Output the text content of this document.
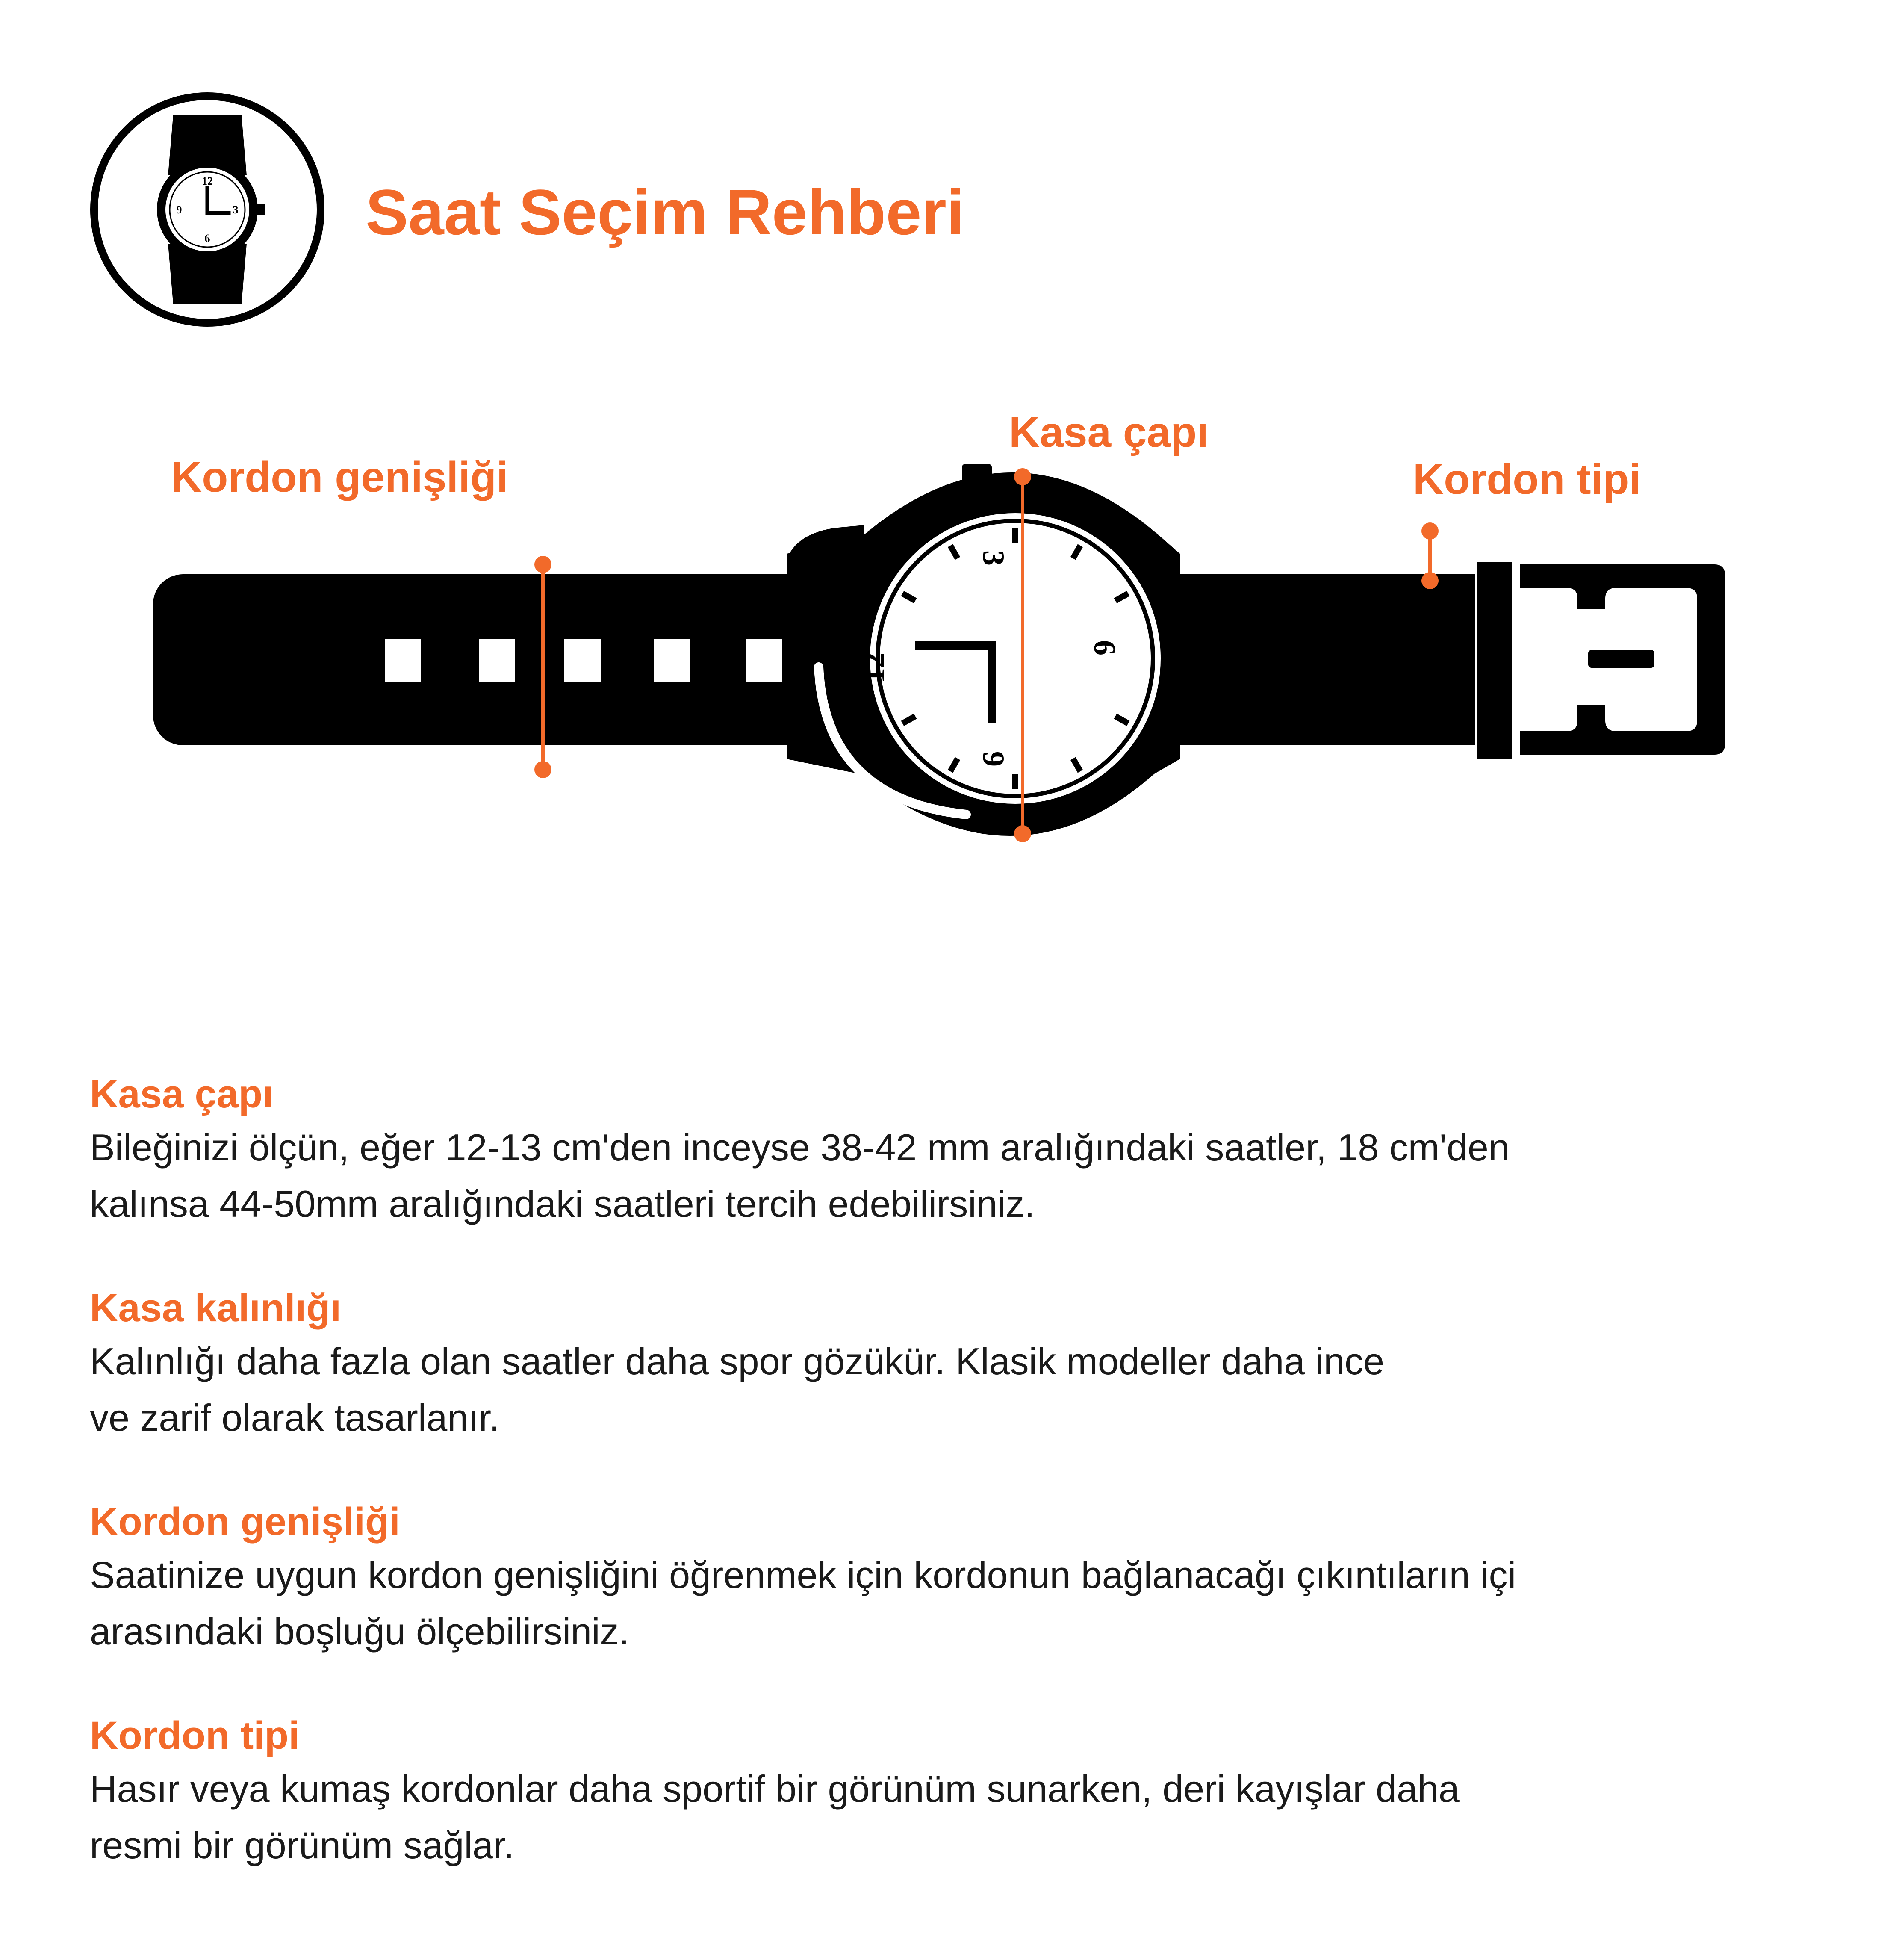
12
3
6
9	Saat Seçim Rehberi
12
3
6
9
Kordon genişliği
Kasa çapı
Kordon tipi
Kasa çapı

Bileğinizi ölçün, eğer 12-13 cm'den inceyse 38-42 mm aralığındaki saatler, 18 cm'den

kalınsa 44-50mm aralığındaki saatleri tercih edebilirsiniz.

Kasa kalınlığı

Kalınlığı daha fazla olan saatler daha spor gözükür. Klasik modeller daha ince

ve zarif olarak tasarlanır.

Kordon genişliği

Saatinize uygun kordon genişliğini öğrenmek için kordonun bağlanacağı çıkıntıların içi

arasındaki boşluğu ölçebilirsiniz.

Kordon tipi

Hasır veya kumaş kordonlar daha sportif bir görünüm sunarken, deri kayışlar daha

resmi bir görünüm sağlar.
